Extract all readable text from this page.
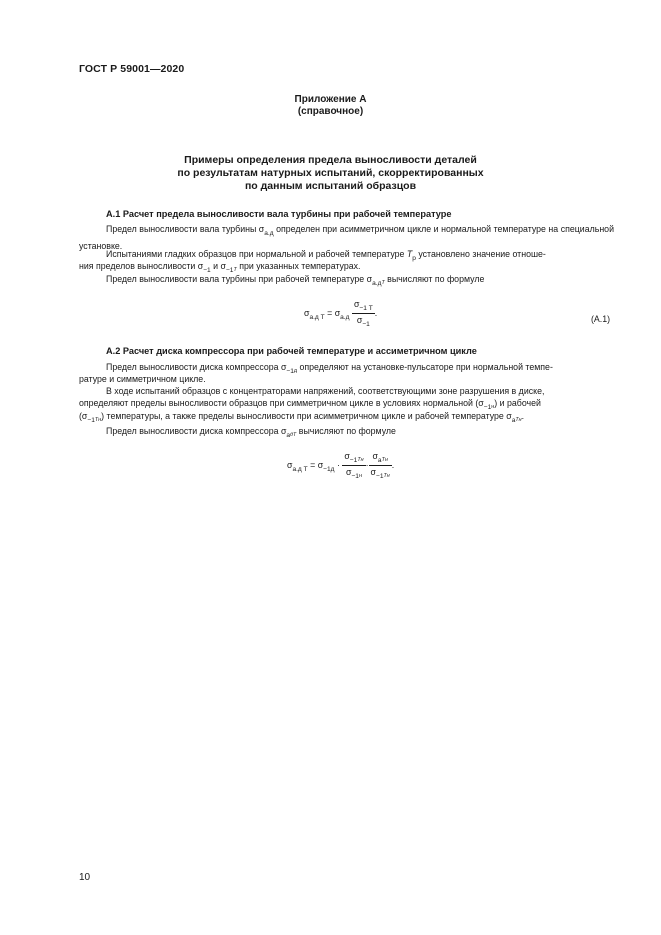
ГОСТ Р 59001—2020
Приложение А
(справочное)
Примеры определения предела выносливости деталей
по результатам натурных испытаний, скорректированных
по данным испытаний образцов
А.1 Расчет предела выносливости вала турбины при рабочей температуре
Предел выносливости вала турбины $\sigma_{а.д}$ определен при асимметричном цикле и нормальной температуре на специальной установке.
Испытаниями гладких образцов при нормальной и рабочей температуре $T_р$ установлено значение отноше-
ния пределов выносливости $\sigma_{-1}$ и $\sigma_{-1T}$ при указанных температурах.
Предел выносливости вала турбины при рабочей температуре $\sigma_{а.дT}$ вычисляют по формуле
$\sigma_{а.д T} = \sigma_{а.д} \frac{\sigma_{-1 T}}{\sigma_{-1}}$ .
(А.1)
А.2 Расчет диска компрессора при рабочей температуре и ассиметричном цикле
Предел выносливости диска компрессора $\sigma_{-1д}$ определяют на установке-пульсаторе при нормальной темпе-
ратуре и симметричном цикле.
В ходе испытаний образцов с концентраторами напряжений, соответствующими зоне разрушения в диске,
определяют пределы выносливости образцов при симметричном цикле в условиях нормальной $(\sigma_{-1н})$ и рабочей
$(\sigma_{-1Tн})$ температуры, а также пределы выносливости при асимметричном цикле и рабочей температуре $\sigma_{аTн}$.
Предел выносливости диска компрессора $\sigma_{адT}$ вычисляют по формуле
$\sigma_{а.д T} = \sigma_{-1д} \cdot \frac{\sigma_{-1Tн}}{\sigma_{-1н}} \cdot \frac{\sigma_{аTн}}{\sigma_{-1Tн}}$ .
10
